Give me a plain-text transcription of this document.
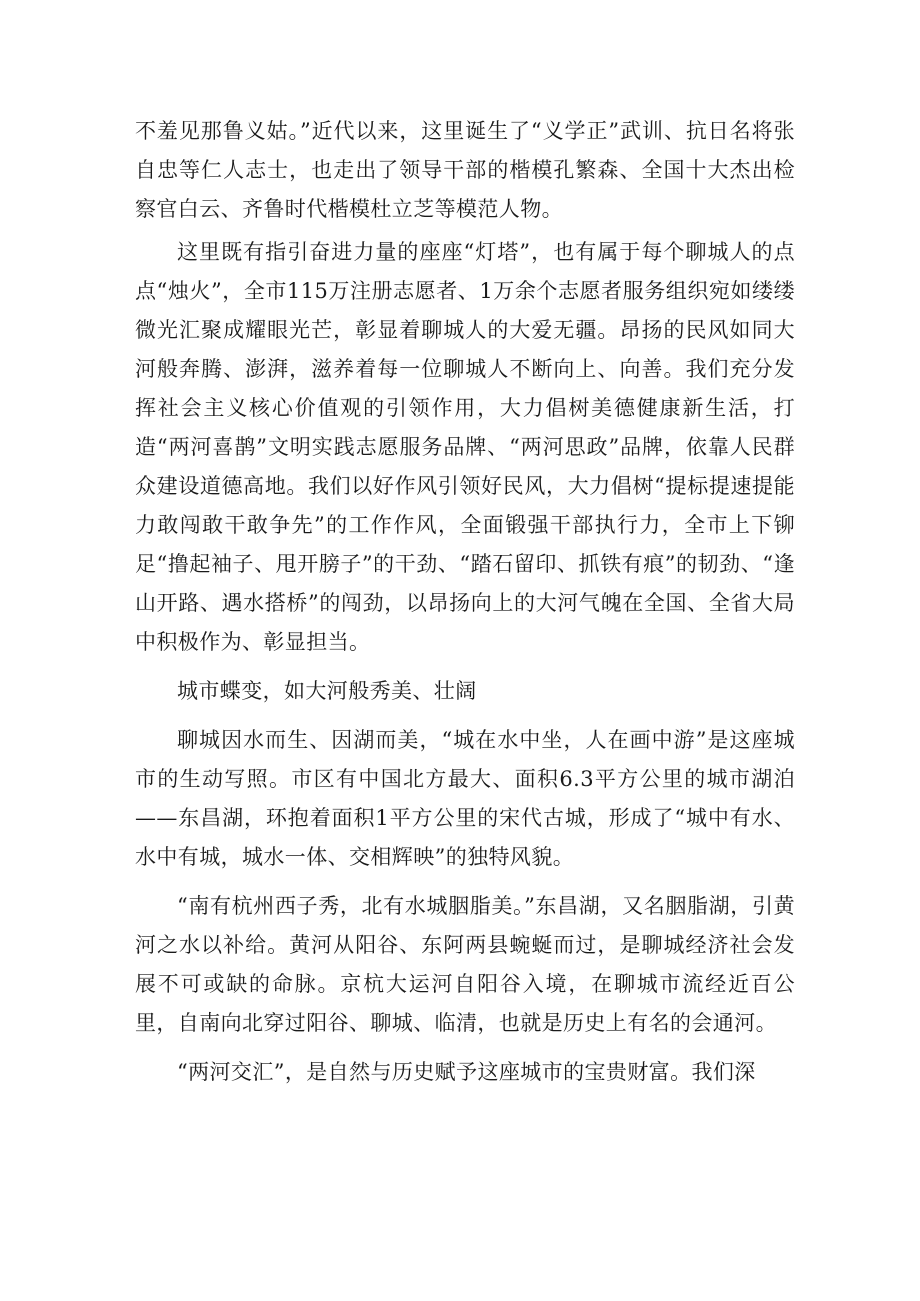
不羞见那鲁义姑。”近代以来，这里诞生了“义学正”武训、抗日名将张自忠等仁人志士，也走出了领导干部的楷模孔繁森、全国十大杰出检察官白云、齐鲁时代楷模杜立芝等模范人物。

这里既有指引奋进力量的座座“灯塔”，也有属于每个聊城人的点点“烛火”，全市115万注册志愿者、1万余个志愿者服务组织宛如缕缕微光汇聚成耀眼光芒，彰显着聊城人的大爱无疆。昂扬的民风如同大河般奔腾、澎湃，滋养着每一位聊城人不断向上、向善。我们充分发挥社会主义核心价值观的引领作用，大力倡树美德健康新生活，打造“两河喜鹊”文明实践志愿服务品牌、“两河思政”品牌，依靠人民群众建设道德高地。我们以好作风引领好民风，大力倡树“提标提速提能力敢闯敢干敢争先”的工作作风，全面锻强干部执行力，全市上下铆足“撸起袖子、甩开膀子”的干劲、“踏石留印、抓铁有痕”的韧劲、“逢山开路、遇水搭桥”的闯劲，以昂扬向上的大河气魄在全国、全省大局中积极作为、彰显担当。

城市蝶变，如大河般秀美、壮阔

聊城因水而生、因湖而美，“城在水中坐，人在画中游”是这座城市的生动写照。市区有中国北方最大、面积6.3平方公里的城市湖泊——东昌湖，环抱着面积1平方公里的宋代古城，形成了“城中有水、水中有城，城水一体、交相辉映”的独特风貌。

“南有杭州西子秀，北有水城胭脂美。”东昌湖，又名胭脂湖，引黄河之水以补给。黄河从阳谷、东阿两县蜿蜒而过，是聊城经济社会发展不可或缺的命脉。京杭大运河自阳谷入境，在聊城市流经近百公里，自南向北穿过阳谷、聊城、临清，也就是历史上有名的会通河。

“两河交汇”，是自然与历史赋予这座城市的宝贵财富。我们深
